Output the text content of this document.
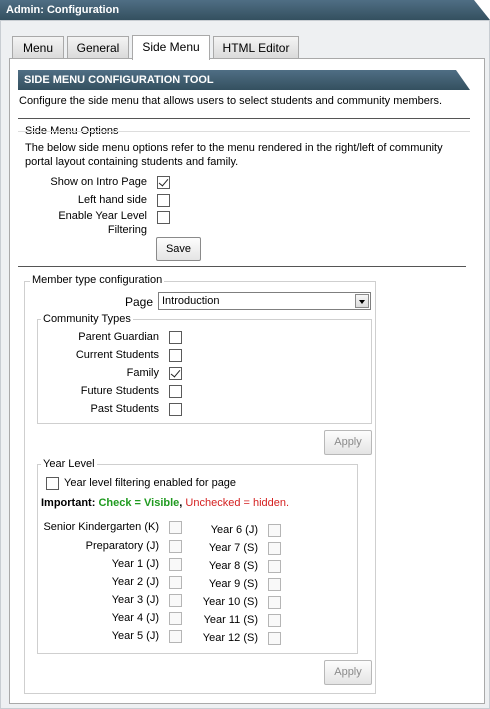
Admin: Configuration
Menu	General	Side Menu	HTML Editor
SIDE MENU CONFIGURATION TOOL
Configure the side menu that allows users to select students and community members.
Side Menu Options
The below side menu options refer to the menu rendered in the right/left of community
portal layout containing students and family.
Show on Intro Page
Left hand side
Enable Year Level
Filtering
Save
Member type configuration
Page Introduction
Community Types
Parent Guardian
Current Students
Family
Future Students
Past Students
Apply
Year Level
Year level filtering enabled for page
Important: Check = Visible, Unchecked = hidden.
Senior Kindergarten (K)
Preparatory (J)
Year 1 (J)
Year 2 (J)
Year 3 (J)
Year 4 (J)
Year 5 (J)
Year 6 (J)
Year 7 (S)
Year 8 (S)
Year 9 (S)
Year 10 (S)
Year 11 (S)
Year 12 (S)
Apply
